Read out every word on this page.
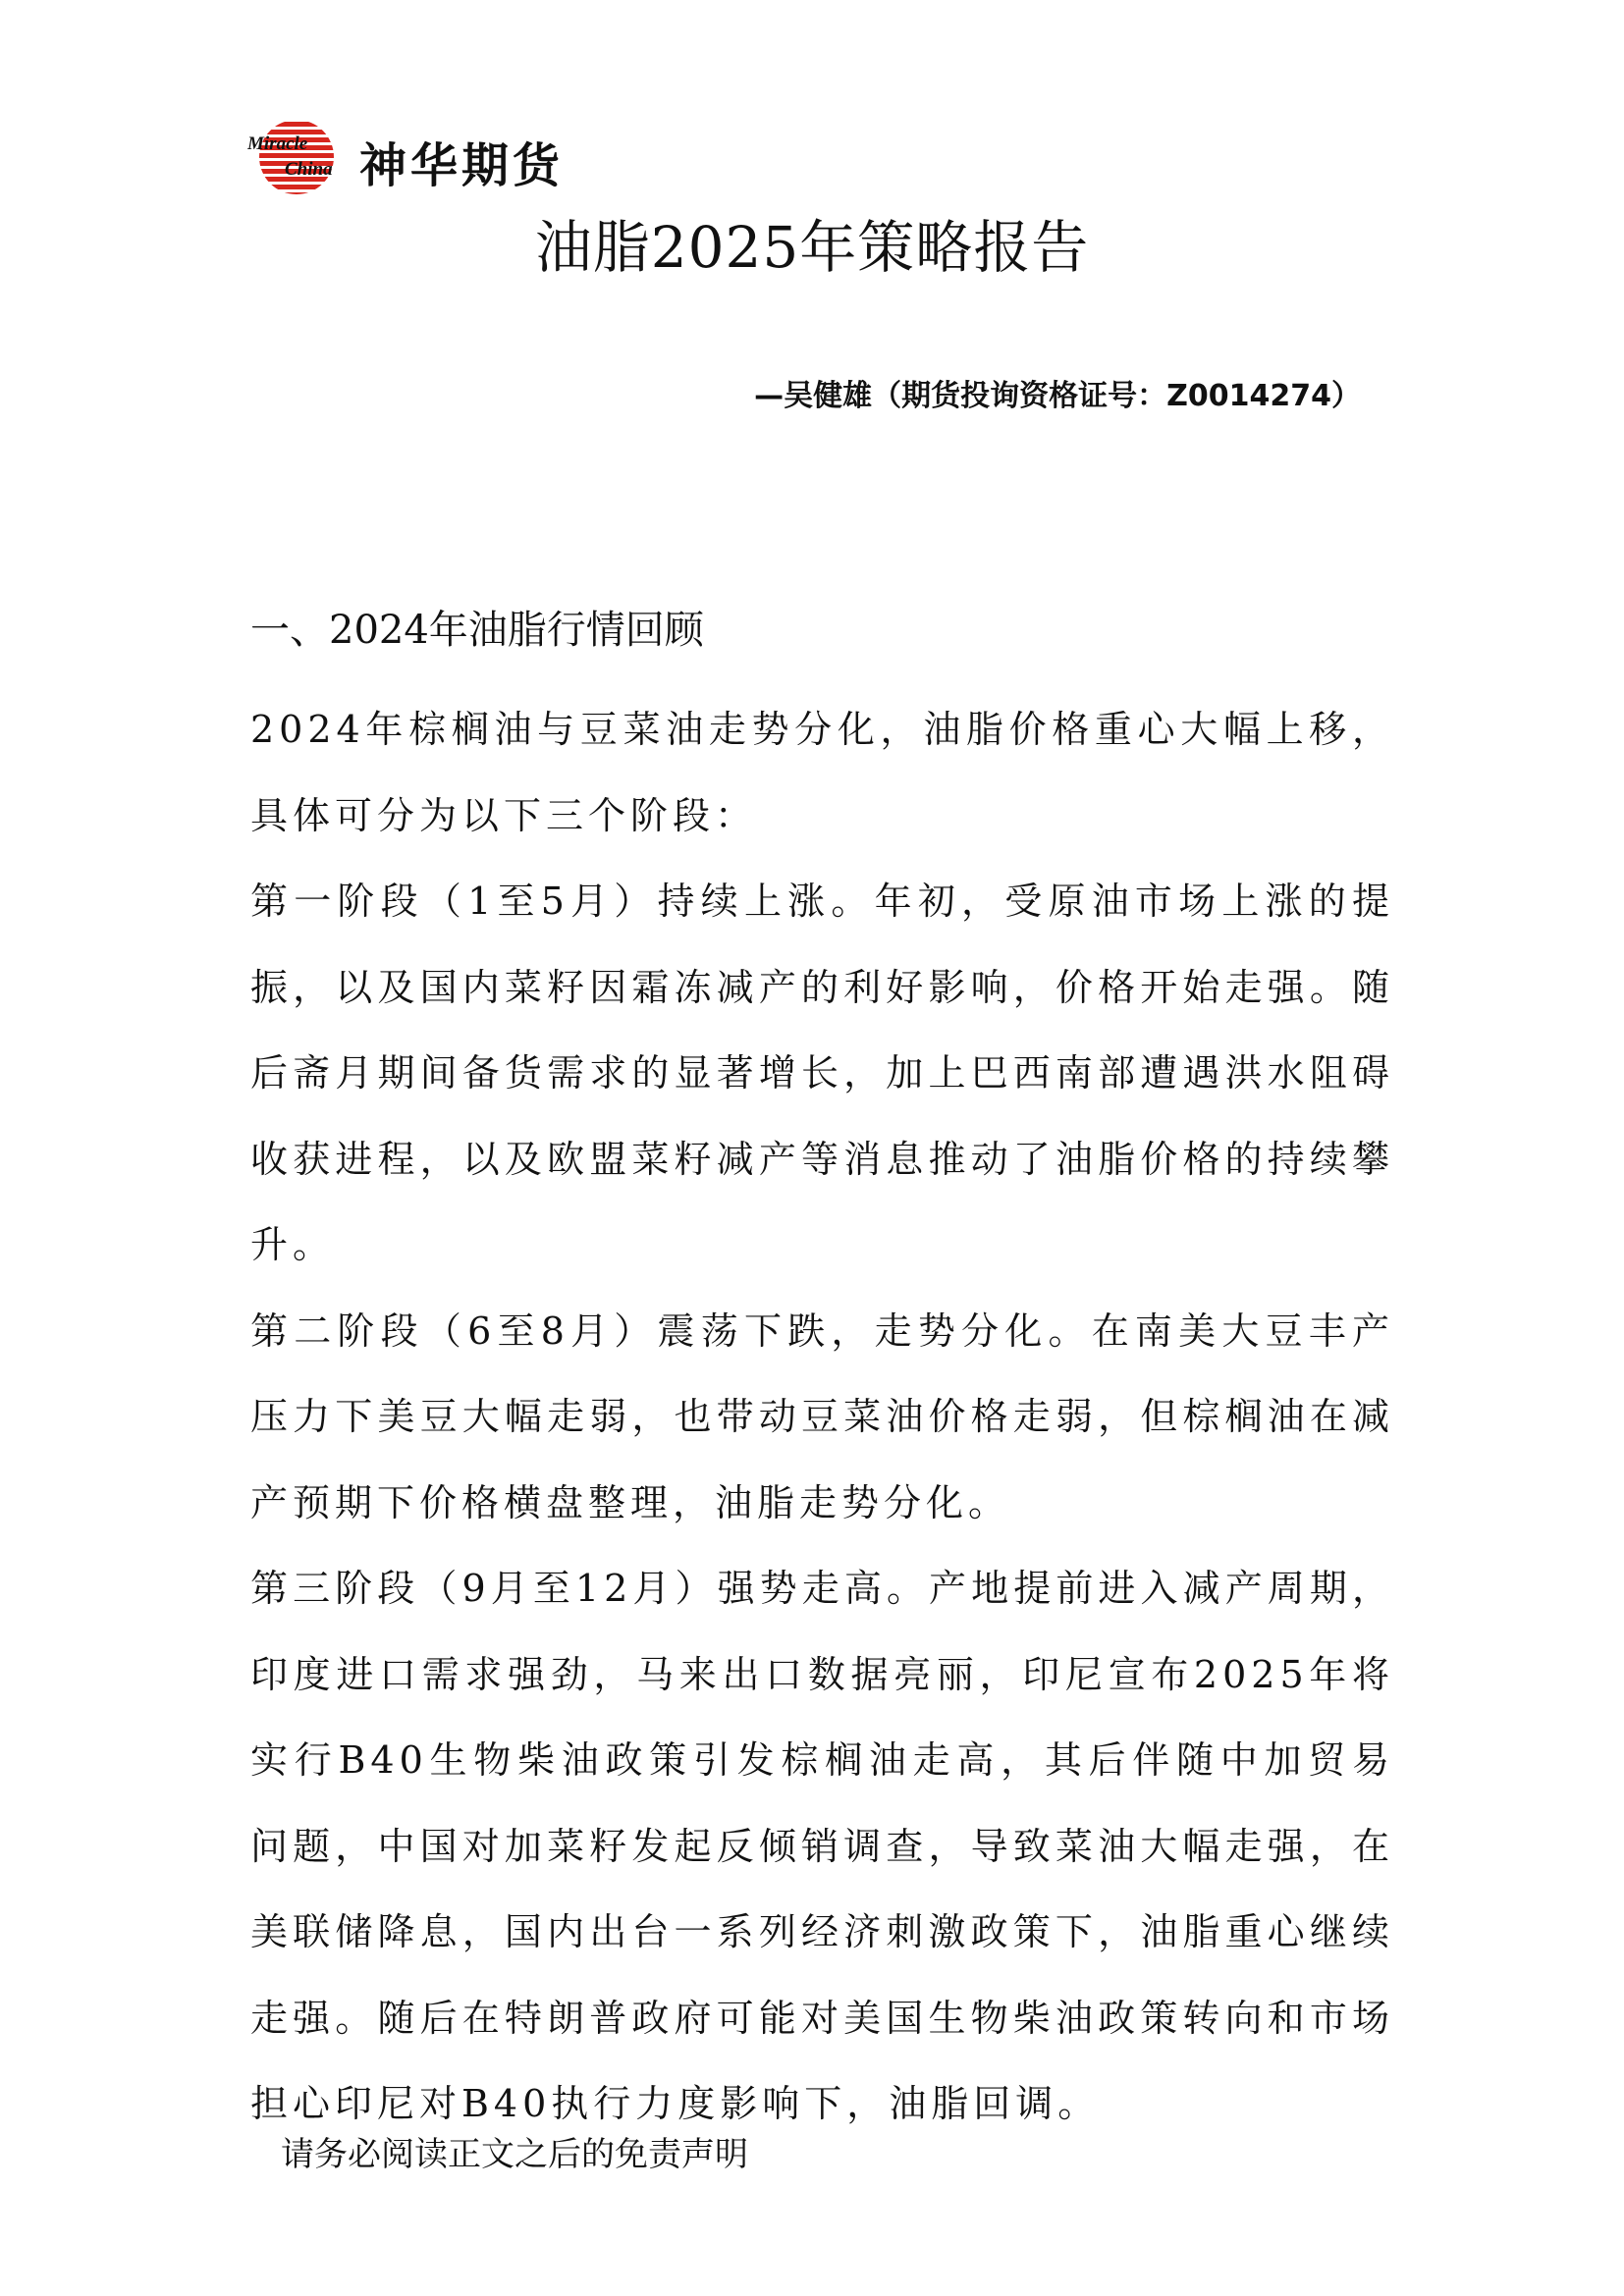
Miracle
China 神华期货
油脂2025年策略报告
—吴健雄（期货投询资格证号：Z0014274）
一、2024年油脂行情回顾

2024年棕榈油与豆菜油走势分化，油脂价格重心大幅上移，具体可分为以下三个阶段：

第一阶段（1至5月）持续上涨。年初，受原油市场上涨的提振，以及国内菜籽因霜冻减产的利好影响，价格开始走强。随后斋月期间备货需求的显著增长，加上巴西南部遭遇洪水阻碍收获进程，以及欧盟菜籽减产等消息推动了油脂价格的持续攀升。

第二阶段（6至8月）震荡下跌，走势分化。在南美大豆丰产压力下美豆大幅走弱，也带动豆菜油价格走弱，但棕榈油在减产预期下价格横盘整理，油脂走势分化。

第三阶段（9月至12月）强势走高。产地提前进入减产周期，印度进口需求强劲，马来出口数据亮丽，印尼宣布2025年将实行B40生物柴油政策引发棕榈油走高，其后伴随中加贸易问题，中国对加菜籽发起反倾销调查，导致菜油大幅走强，在美联储降息，国内出台一系列经济刺激政策下，油脂重心继续走强。随后在特朗普政府可能对美国生物柴油政策转向和市场担心印尼对B40执行力度影响下，油脂回调。

请务必阅读正文之后的免责声明
